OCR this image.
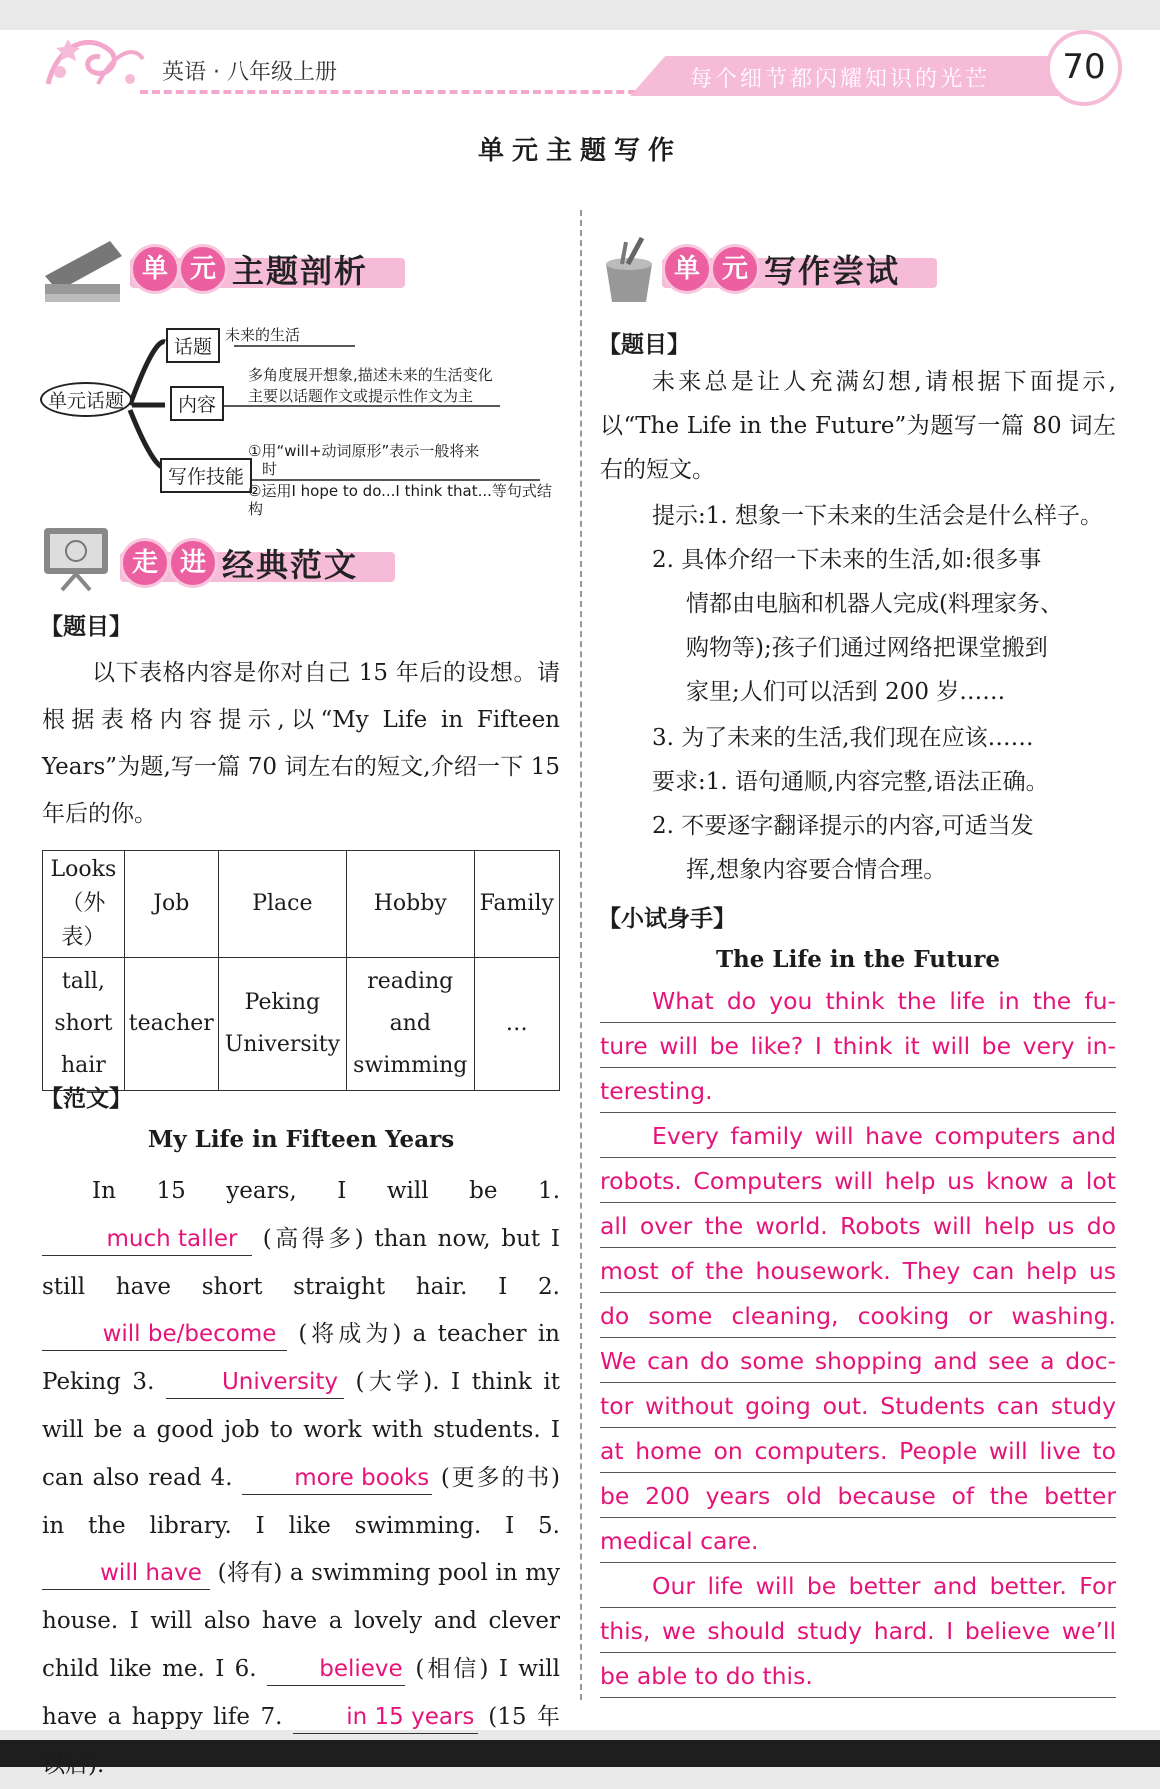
英语 · 八年级上册	每个细节都闪耀知识的光芒	70
单元主题写作
单 元 主题剖析
单元话题
话题
未来的生活
内容
多角度展开想象,描述未来的生活变化
主要以话题作文或提示性作文为主
写作技能
①用“will+动词原形”表示一般将来
时
②运用I hope to do...I think that...等句式结构
走 进 经典范文
【题目】
以下表格内容是你对自己 15 年后的设想。请根据表格内容提示,以“My Life in Fifteen Years”为题,写一篇 70 词左右的短文,介绍一下 15 年后的你。
Looks（外表）	Job	Place	Hobby	Family
tall, short hair	teacher	Peking University	reading and swimming	…
【范文】
My Life in Fifteen Years
In 15 years, I will be 1. much taller (高得多) than now, but I still have short straight hair. I 2. will be/become (将成为) a teacher in Peking 3.	University (大学). I think it will be a good job to work with students. I can also read 4.	more books (更多的书) in the library. I like swimming. I 5. will have (将有) a swimming pool in my house. I will also have a lovely and clever child like me. I 6.	believe (相信) I will have a happy life 7.	in 15 years (15 年以后).
单 元 写作尝试
【题目】
未来总是让人充满幻想,请根据下面提示,以“The Life in the Future”为题写一篇 80 词左右的短文。
提示:1. 想象一下未来的生活会是什么样子。
2. 具体介绍一下未来的生活,如:很多事
情都由电脑和机器人完成(料理家务、
购物等);孩子们通过网络把课堂搬到
家里;人们可以活到 200 岁……
3. 为了未来的生活,我们现在应该……
要求:1. 语句通顺,内容完整,语法正确。
2. 不要逐字翻译提示的内容,可适当发
挥,想象内容要合情合理。
【小试身手】
The Life in the Future
What do you think the life in the fu-
ture will be like? I think it will be very in-
teresting.
Every family will have computers and
robots. Computers will help us know a lot
all over the world. Robots will help us do
most of the housework. They can help us
do some cleaning, cooking or washing.
We can do some shopping and see a doc-
tor without going out. Students can study
at home on computers. People will live to
be 200 years old because of the better
medical care.
Our life will be better and better. For
this, we should study hard. I believe we’ll
be able to do this.
